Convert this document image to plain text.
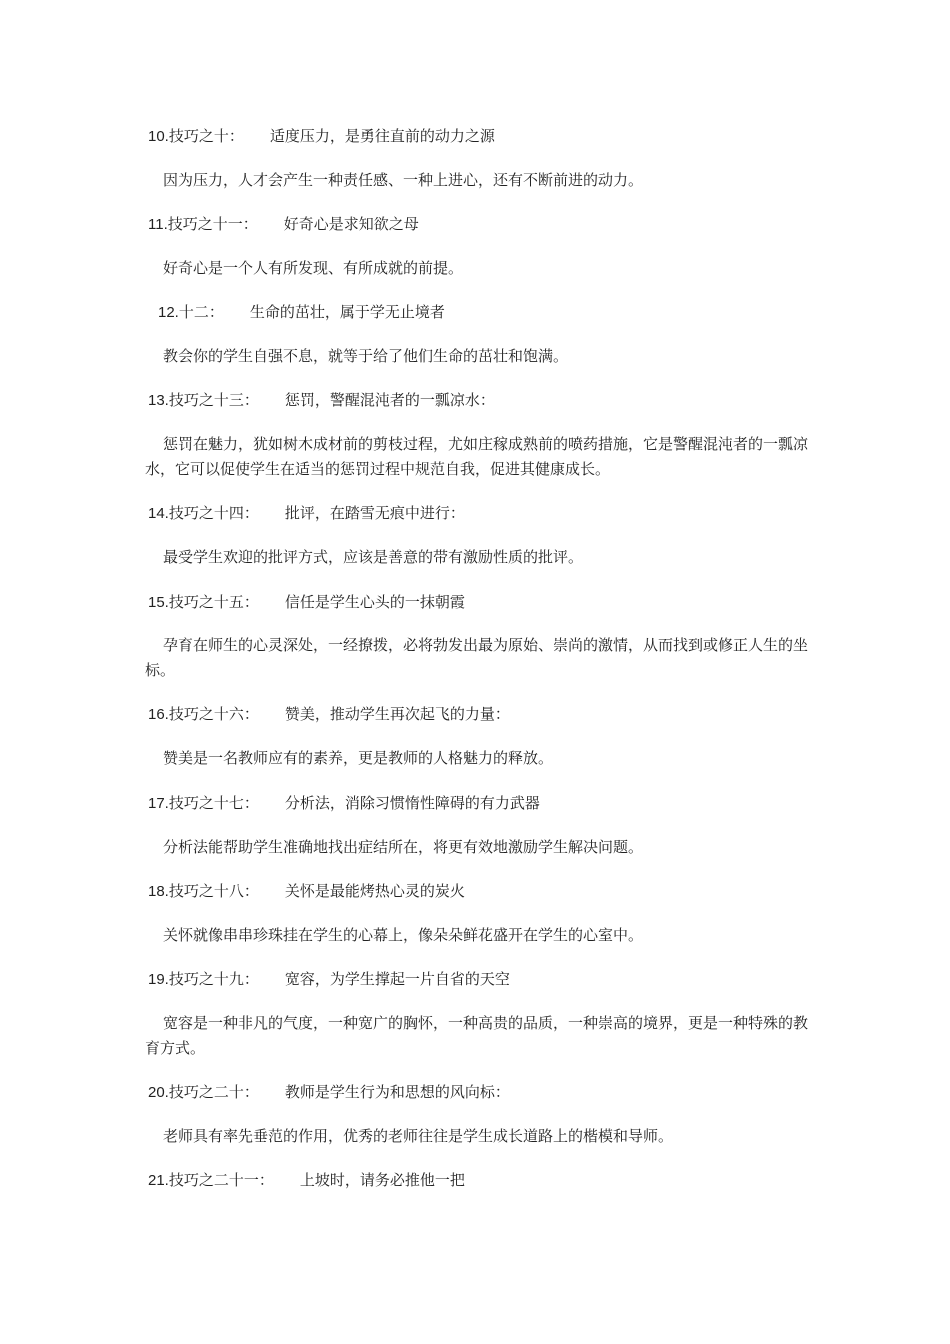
10.技巧之十： 适度压力，是勇往直前的动力之源

因为压力，人才会产生一种责任感、一种上进心，还有不断前进的动力。

11.技巧之十一： 好奇心是求知欲之母

好奇心是一个人有所发现、有所成就的前提。

12.十二： 生命的茁壮，属于学无止境者

教会你的学生自强不息，就等于给了他们生命的茁壮和饱满。

13.技巧之十三： 惩罚，警醒混沌者的一瓢凉水：

惩罚在魅力，犹如树木成材前的剪枝过程，尤如庄稼成熟前的喷药措施，它是警醒混沌者的一瓢凉水，它可以促使学生在适当的惩罚过程中规范自我，促进其健康成长。

14.技巧之十四： 批评，在踏雪无痕中进行：

最受学生欢迎的批评方式，应该是善意的带有激励性质的批评。

15.技巧之十五： 信任是学生心头的一抹朝霞

孕育在师生的心灵深处，一经撩拨，必将勃发出最为原始、崇尚的激情，从而找到或修正人生的坐标。

16.技巧之十六： 赞美，推动学生再次起飞的力量：

赞美是一名教师应有的素养，更是教师的人格魅力的释放。

17.技巧之十七： 分析法，消除习惯惰性障碍的有力武器

分析法能帮助学生准确地找出症结所在，将更有效地激励学生解决问题。

18.技巧之十八： 关怀是最能烤热心灵的炭火

关怀就像串串珍珠挂在学生的心幕上，像朵朵鲜花盛开在学生的心室中。

19.技巧之十九： 宽容，为学生撑起一片自省的天空

宽容是一种非凡的气度，一种宽广的胸怀，一种高贵的品质，一种崇高的境界，更是一种特殊的教育方式。

20.技巧之二十： 教师是学生行为和思想的风向标：

老师具有率先垂范的作用，优秀的老师往往是学生成长道路上的楷模和导师。

21.技巧之二十一： 上坡时，请务必推他一把
